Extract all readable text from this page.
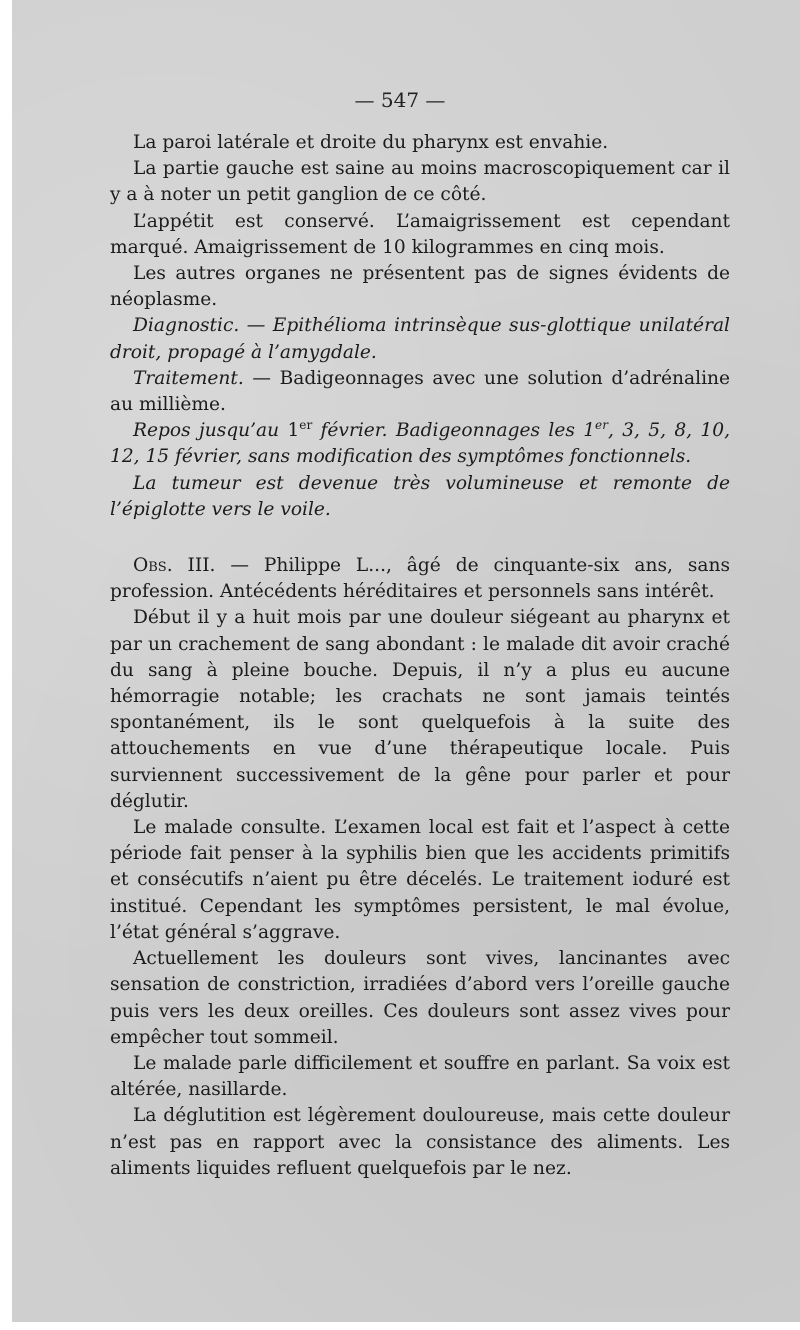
— 547 —

La paroi latérale et droite du pharynx est envahie.

La partie gauche est saine au moins macroscopiquement car il y a à noter un petit ganglion de ce côté.

L’appétit est conservé. L’amaigrissement est cependant marqué. Amaigrissement de 10 kilogrammes en cinq mois.

Les autres organes ne présentent pas de signes évidents de néoplasme.

Diagnostic. — Epithélioma intrinsèque sus-glottique unilatéral droit, propagé à l’amygdale.

Traitement. — Badigeonnages avec une solution d’adrénaline au millième.

Repos jusqu’au 1er février. Badigeonnages les 1er, 3, 5, 8, 10, 12, 15 février, sans modification des symptômes fonctionnels.

La tumeur est devenue très volumineuse et remonte de l’épiglotte vers le voile.

Obs. III. — Philippe L..., âgé de cinquante-six ans, sans profession. Antécédents héréditaires et personnels sans intérêt.

Début il y a huit mois par une douleur siégeant au pharynx et par un crachement de sang abondant : le malade dit avoir craché du sang à pleine bouche. Depuis, il n’y a plus eu aucune hémorragie notable; les crachats ne sont jamais teintés spontanément, ils le sont quelquefois à la suite des attouchements en vue d’une thérapeutique locale. Puis surviennent successivement de la gêne pour parler et pour déglutir.

Le malade consulte. L’examen local est fait et l’aspect à cette période fait penser à la syphilis bien que les accidents primitifs et consécutifs n’aient pu être décelés. Le traitement ioduré est institué. Cependant les symptômes persistent, le mal évolue, l’état général s’aggrave.

Actuellement les douleurs sont vives, lancinantes avec sensation de constriction, irradiées d’abord vers l’oreille gauche puis vers les deux oreilles. Ces douleurs sont assez vives pour empêcher tout sommeil.

Le malade parle difficilement et souffre en parlant. Sa voix est altérée, nasillarde.

La déglutition est légèrement douloureuse, mais cette douleur n’est pas en rapport avec la consistance des aliments. Les aliments liquides refluent quelquefois par le nez.
